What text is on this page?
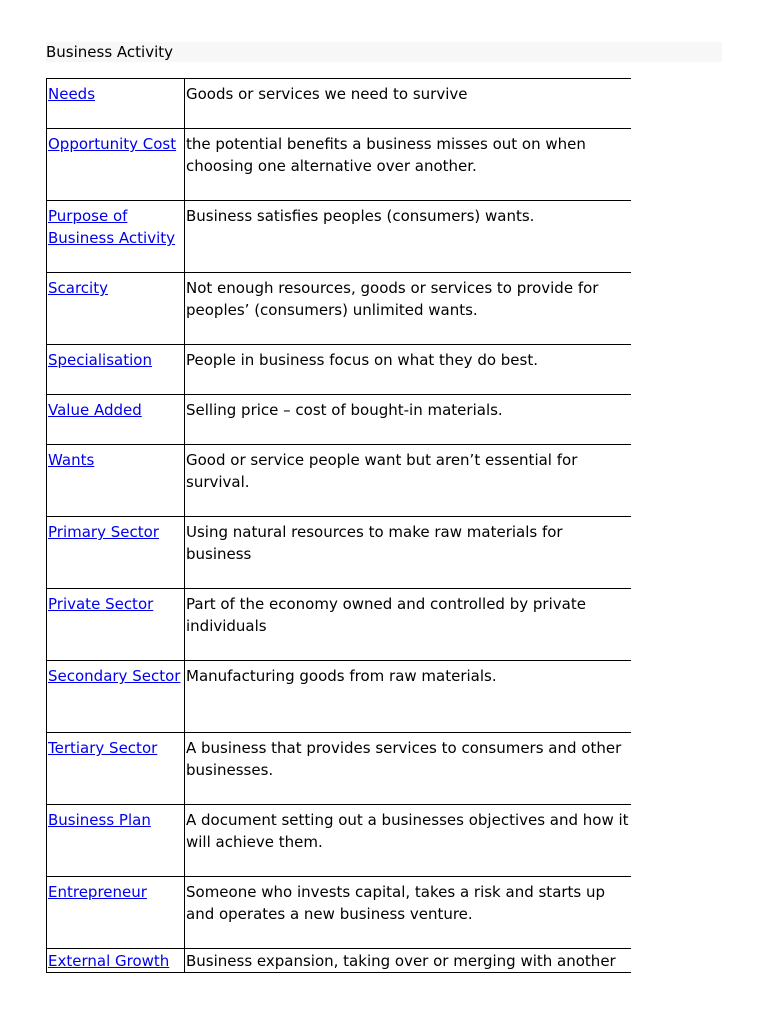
Business Activity
Needs	Goods or services we need to survive
Opportunity Cost	the potential benefits a business misses out on when choosing one alternative over another.
Purpose of Business Activity	Business satisfies peoples (consumers) wants.
Scarcity	Not enough resources, goods or services to provide for peoples’ (consumers) unlimited wants.
Specialisation	People in business focus on what they do best.
Value Added	Selling price – cost of bought-in materials.
Wants	Good or service people want but aren’t essential for survival.
Primary Sector	Using natural resources to make raw materials for business
Private Sector	Part of the economy owned and controlled by private individuals
Secondary Sector	Manufacturing goods from raw materials.
Tertiary Sector	A business that provides services to consumers and other businesses.
Business Plan	A document setting out a businesses objectives and how it will achieve them.
Entrepreneur	Someone who invests capital, takes a risk and starts up and operates a new business venture.
External Growth	Business expansion, taking over or merging with another
